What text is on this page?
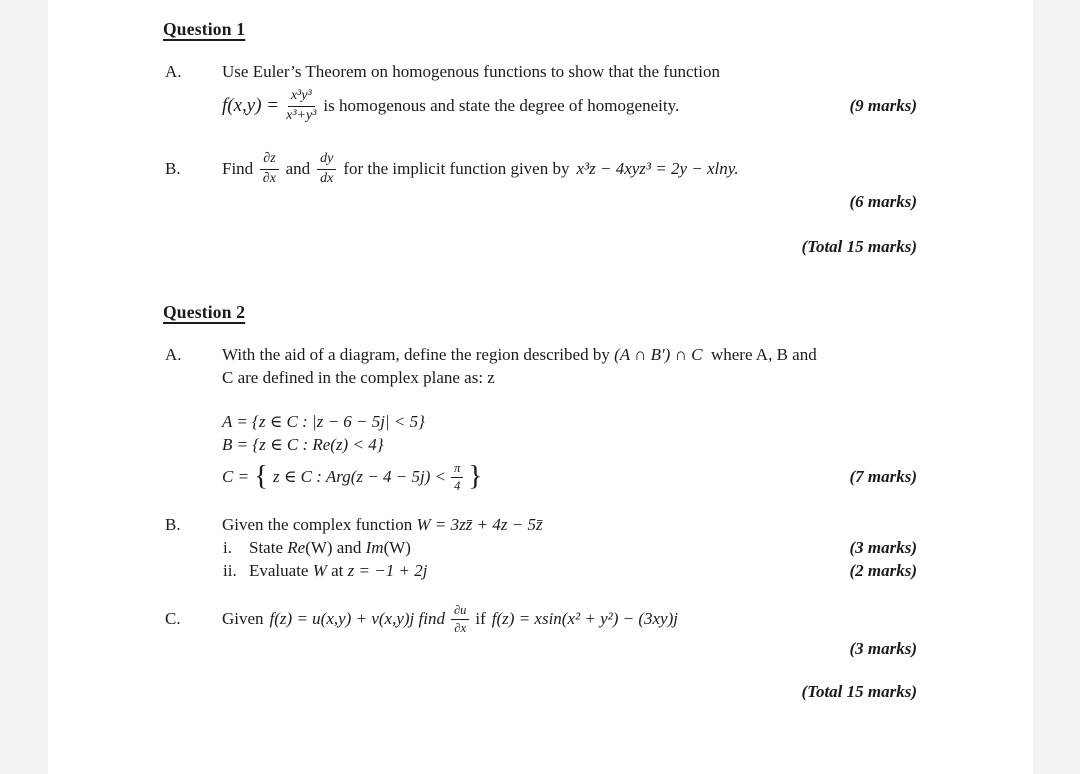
Question 1
A. Use Euler’s Theorem on homogenous functions to show that the function
$f(x,y) = \frac{\text{x³y³}}{\text{x³+y³}}$ is homogenous and state the degree of homogeneity.	(9 marks)
B. Find $\frac{\partial z}{\partial x}$ and $\frac{dy}{dx}$ for the implicit function given by x³z − 4xyz³ = 2y − xlny.
(6 marks)
(Total 15 marks)
Question 2
A. With the aid of a diagram, define the region described by (A ∩ B′) ∩ C  where A, B and
C are defined in the complex plane as: z
A = {z ∈ C : |z − 6 − 5j| < 5}
B = {z ∈ C : Re(z) < 4}
C = { z ∈ C : $Arg(z - 4 - 5j) < \frac{\pi}{4}$ }	(7 marks)
B. Given the complex function W = 3zz̄ + 4z − 5z̄
i. State Re(W) and Im(W)	(3 marks)
ii. Evaluate W at z = −1 + 2j	(2 marks)
C. Given f(z) = u(x,y) + v(x,y)j find $\frac{\partial u}{\partial x}$ if f(z) = xsin(x² + y²) − (3xy)j
(3 marks)
(Total 15 marks)
